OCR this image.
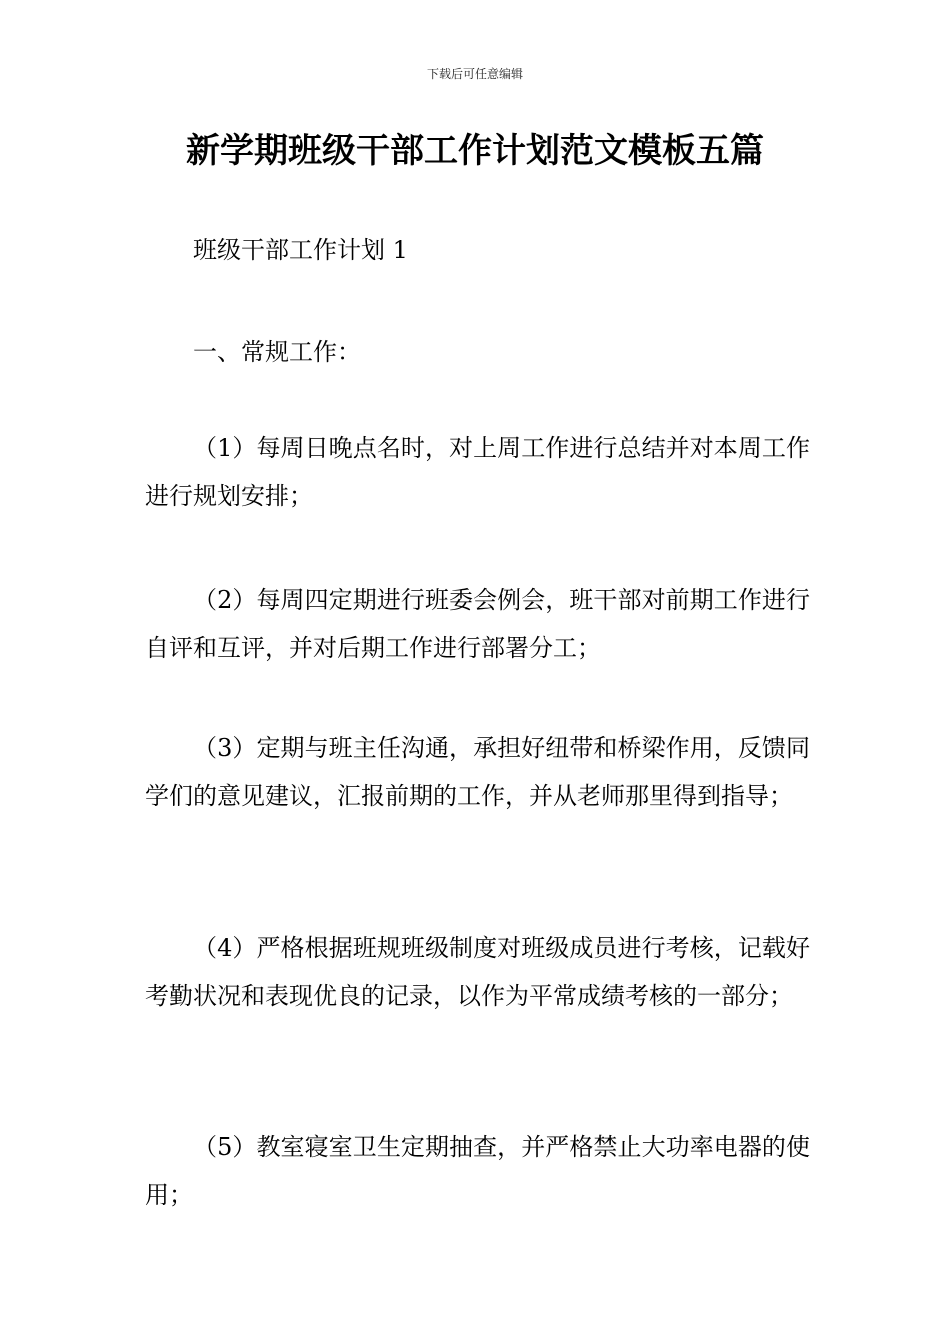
下载后可任意编辑
新学期班级干部工作计划范文模板五篇

班级干部工作计划 1

一、常规工作：

（1）每周日晚点名时，对上周工作进行总结并对本周工作进行规划安排；

（2）每周四定期进行班委会例会，班干部对前期工作进行自评和互评，并对后期工作进行部署分工；

（3）定期与班主任沟通，承担好纽带和桥梁作用，反馈同学们的意见建议，汇报前期的工作，并从老师那里得到指导；

（4）严格根据班规班级制度对班级成员进行考核，记载好考勤状况和表现优良的记录，以作为平常成绩考核的一部分；

（5）教室寝室卫生定期抽查，并严格禁止大功率电器的使用；
